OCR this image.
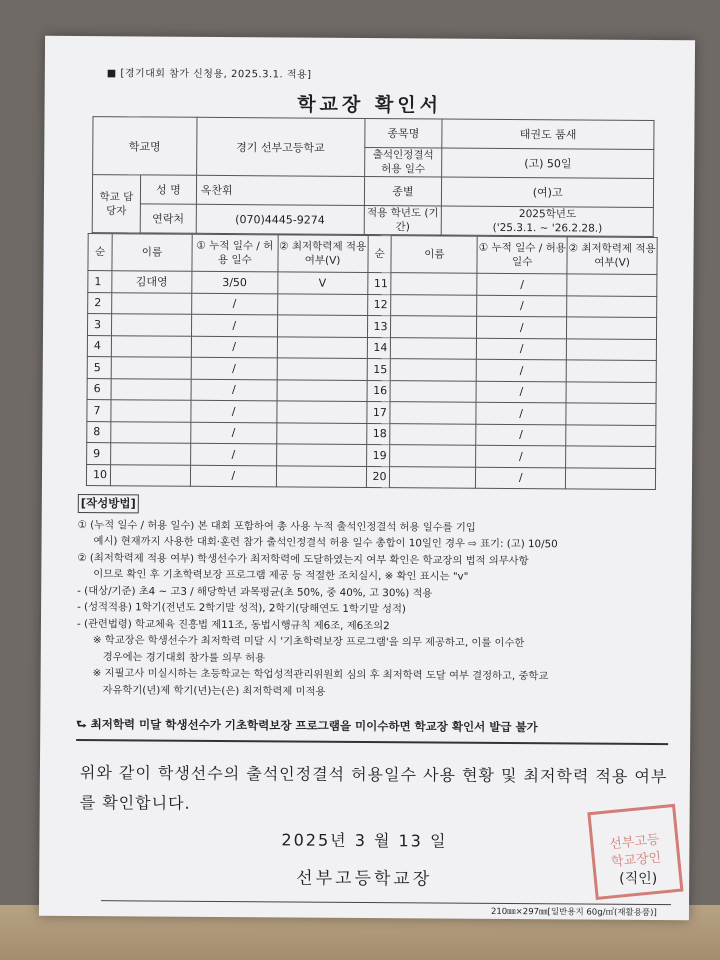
■ [경기대회 참가 신청용, 2025.3.1. 적용]
학교장 확인서
학교명		경기 선부고등학교	종목명	태권도 품새
			출석인정결석 허용 일수	(고) 50일
학교 담당자	성 명	옥찬휘	종별	(여)고
	연락처	(070)4445-9274	적용 학년도 (기간)	2025학년도
('25.3.1. ~ '26.2.28.)
순	이름	① 누적 일수 / 허용 일수	② 최저학력제 적용 여부(V)	순	이름	① 누적 일수 / 허용 일수	② 최저학력제 적용 여부(V)
1	김대영	3/50	V	11		/	
2		/		12		/	
3		/		13		/	
4		/		14		/	
5		/		15		/	
6		/		16		/	
7		/		17		/	
8		/		18		/	
9		/		19		/	
10		/		20		/	
[작성방법]
① (누적 일수 / 허용 일수) 본 대회 포함하여 총 사용 누적 출석인정결석 허용 일수를 기입
예시) 현재까지 사용한 대회·훈련 참가 출석인정결석 허용 일수 총합이 10일인 경우 ⇨ 표기: (고) 10/50
② (최저학력제 적용 여부) 학생선수가 최저학력에 도달하였는지 여부 확인은 학교장의 법적 의무사항
이므로 확인 후 기초학력보장 프로그램 제공 등 적절한 조치실시, ※ 확인 표시는 "v"
- (대상/기준) 초4 ~ 고3 / 해당학년 과목평균(초 50%, 중 40%, 고 30%) 적용
- (성적적용) 1학기(전년도 2학기말 성적), 2학기(당해연도 1학기말 성적)
- (관련법령) 학교체육 진흥법 제11조, 동법시행규칙 제6조, 제6조의2
※ 학교장은 학생선수가 최저학력 미달 시 '기초학력보장 프로그램'을 의무 제공하고, 이를 이수한
경우에는 경기대회 참가를 의무 허용
※ 지필고사 미실시하는 초등학교는 학업성적관리위원회 심의 후 최저학력 도달 여부 결정하고, 중학교
자유학기(년)제 학기(년)는(은) 최저학력제 미적용
⮑ 최저학력 미달 학생선수가 기초학력보장 프로그램을 미이수하면 학교장 확인서 발급 불가
위와 같이 학생선수의 출석인정결석 허용일수 사용 현황 및 최저학력 적용 여부를 확인합니다.
2025년 3 월 13 일	선부고등
학교장인
선부고등학교장	(직인)
210㎜×297㎜[일반용지 60g/㎡(재활용품)]
